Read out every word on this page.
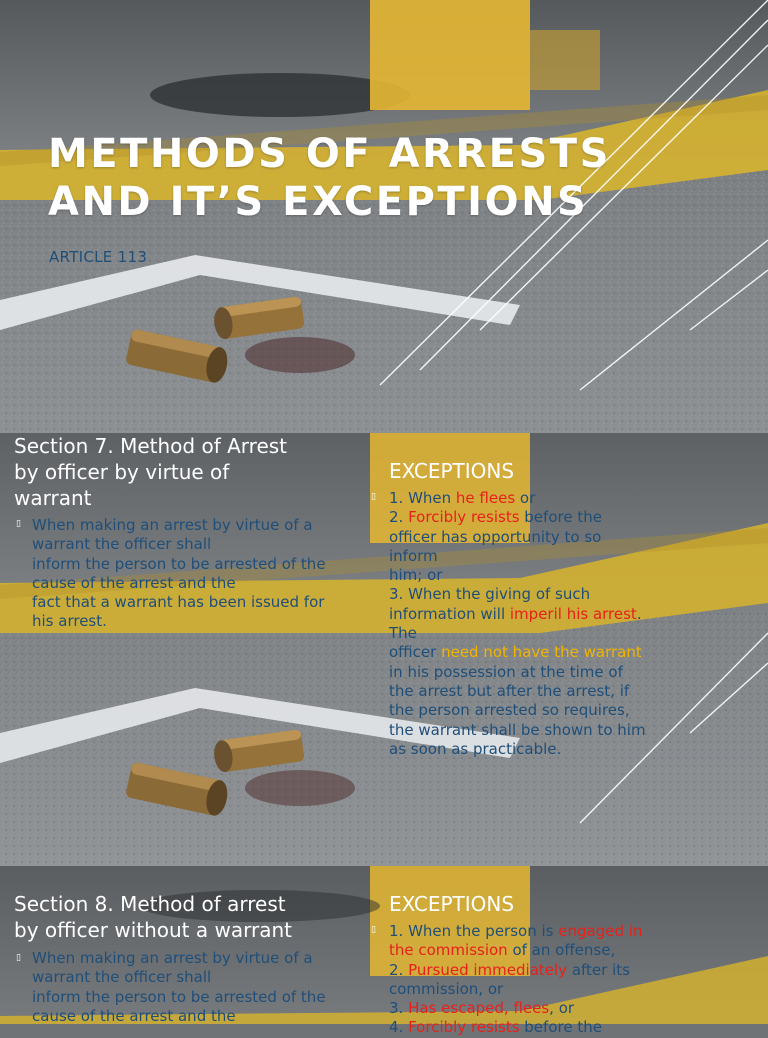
METHODS OF ARRESTS
AND IT’S EXCEPTIONS
ARTICLE 113
Section 7. Method of Arrest
by officer by virtue of
warrant
▯ When making an arrest by virtue of a
warrant the officer shall
inform the person to be arrested of the
cause of the arrest and the
fact that a warrant has been issued for
his arrest.
EXCEPTIONS
▯ 1. When he flees or
2. Forcibly resists before the
officer has opportunity to so
inform
him; or
3. When the giving of such
information will imperil his arrest.
The
officer need not have the warrant
in his possession at the time of
the arrest but after the arrest, if
the person arrested so requires,
the warrant shall be shown to him
as soon as practicable.
Section 8. Method of arrest
by officer without a warrant
▯ When making an arrest by virtue of a
warrant the officer shall
inform the person to be arrested of the
cause of the arrest and the
EXCEPTIONS
▯ 1. When the person is engaged in
the commission of an offense,
2. Pursued immediately after its
commission, or
3. Has escaped, flees, or
4. Forcibly resists before the
